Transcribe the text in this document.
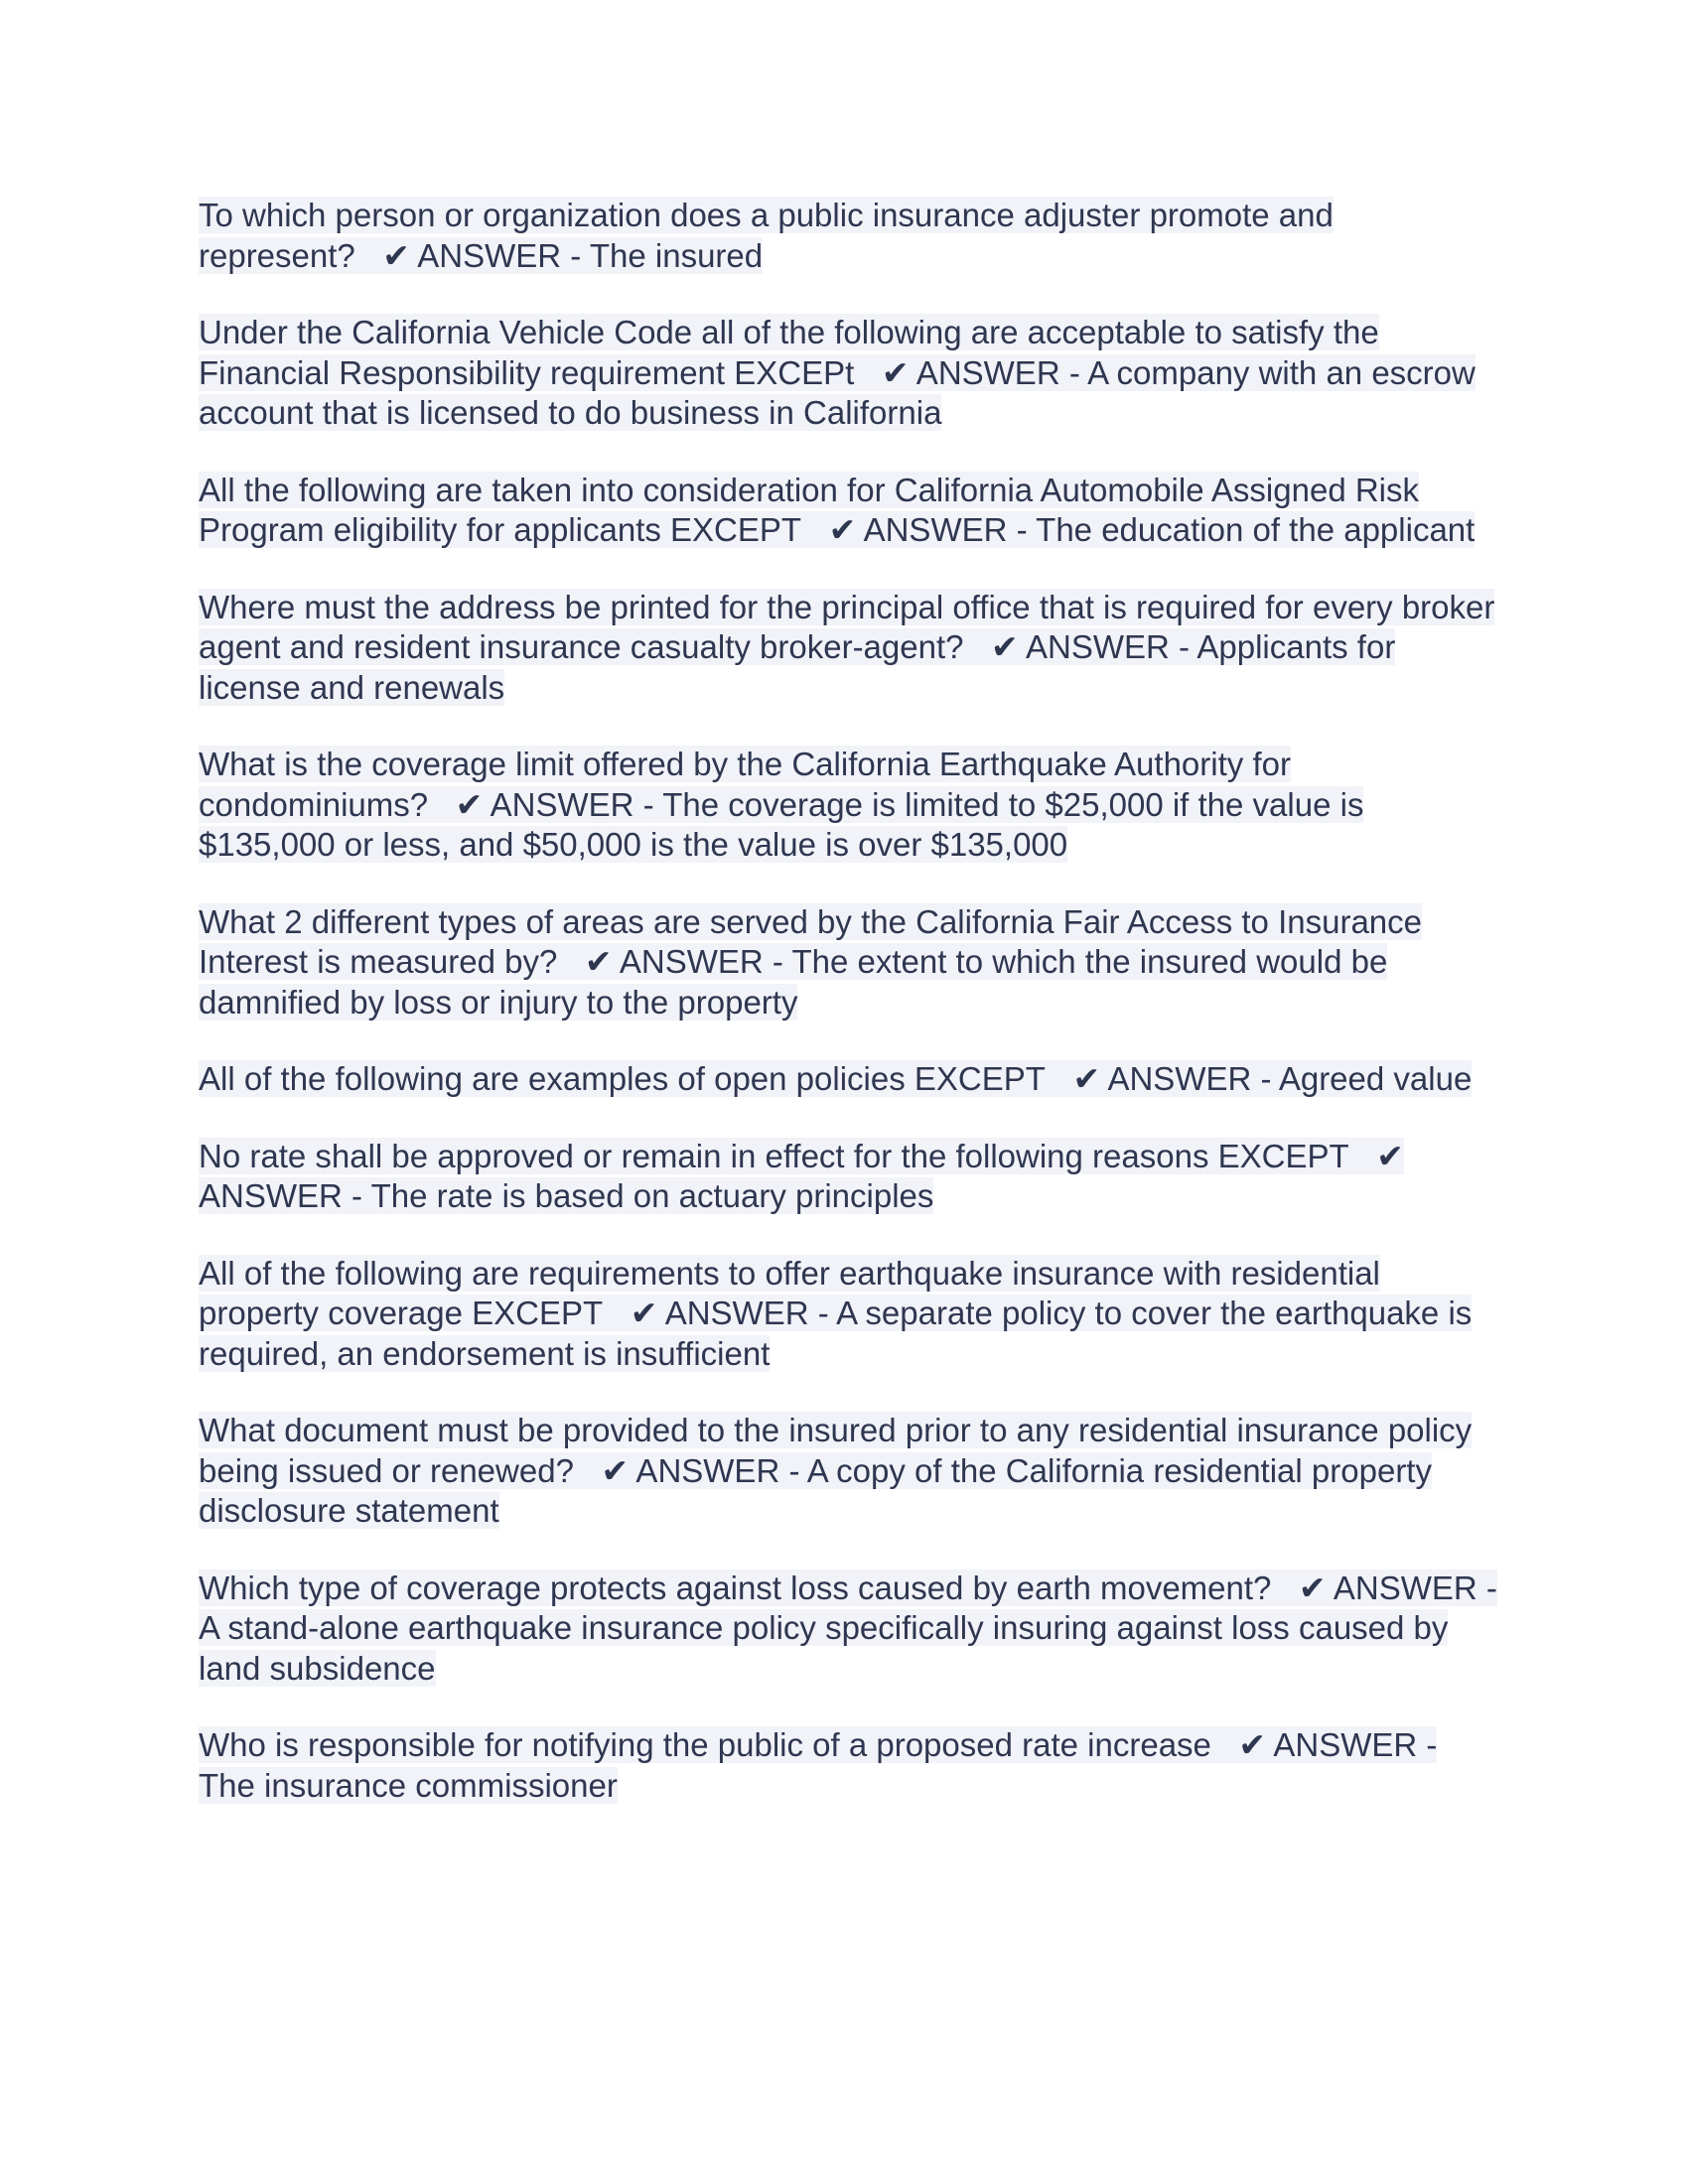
To which person or organization does a public insurance adjuster promote and represent? ✔ ANSWER - The insured

Under the California Vehicle Code all of the following are acceptable to satisfy the Financial Responsibility requirement EXCEPt ✔ ANSWER - A company with an escrow account that is licensed to do business in California

All the following are taken into consideration for California Automobile Assigned Risk Program eligibility for applicants EXCEPT ✔ ANSWER - The education of the applicant

Where must the address be printed for the principal office that is required for every broker agent and resident insurance casualty broker-agent? ✔ ANSWER - Applicants for license and renewals

What is the coverage limit offered by the California Earthquake Authority for condominiums? ✔ ANSWER - The coverage is limited to $25,000 if the value is $135,000 or less, and $50,000 is the value is over $135,000

What 2 different types of areas are served by the California Fair Access to Insurance Interest is measured by? ✔ ANSWER - The extent to which the insured would be damnified by loss or injury to the property

All of the following are examples of open policies EXCEPT ✔ ANSWER - Agreed value

No rate shall be approved or remain in effect for the following reasons EXCEPT ✔ ANSWER - The rate is based on actuary principles

All of the following are requirements to offer earthquake insurance with residential property coverage EXCEPT ✔ ANSWER - A separate policy to cover the earthquake is required, an endorsement is insufficient

What document must be provided to the insured prior to any residential insurance policy being issued or renewed? ✔ ANSWER - A copy of the California residential property disclosure statement

Which type of coverage protects against loss caused by earth movement? ✔ ANSWER - A stand-alone earthquake insurance policy specifically insuring against loss caused by land subsidence

Who is responsible for notifying the public of a proposed rate increase ✔ ANSWER - The insurance commissioner
